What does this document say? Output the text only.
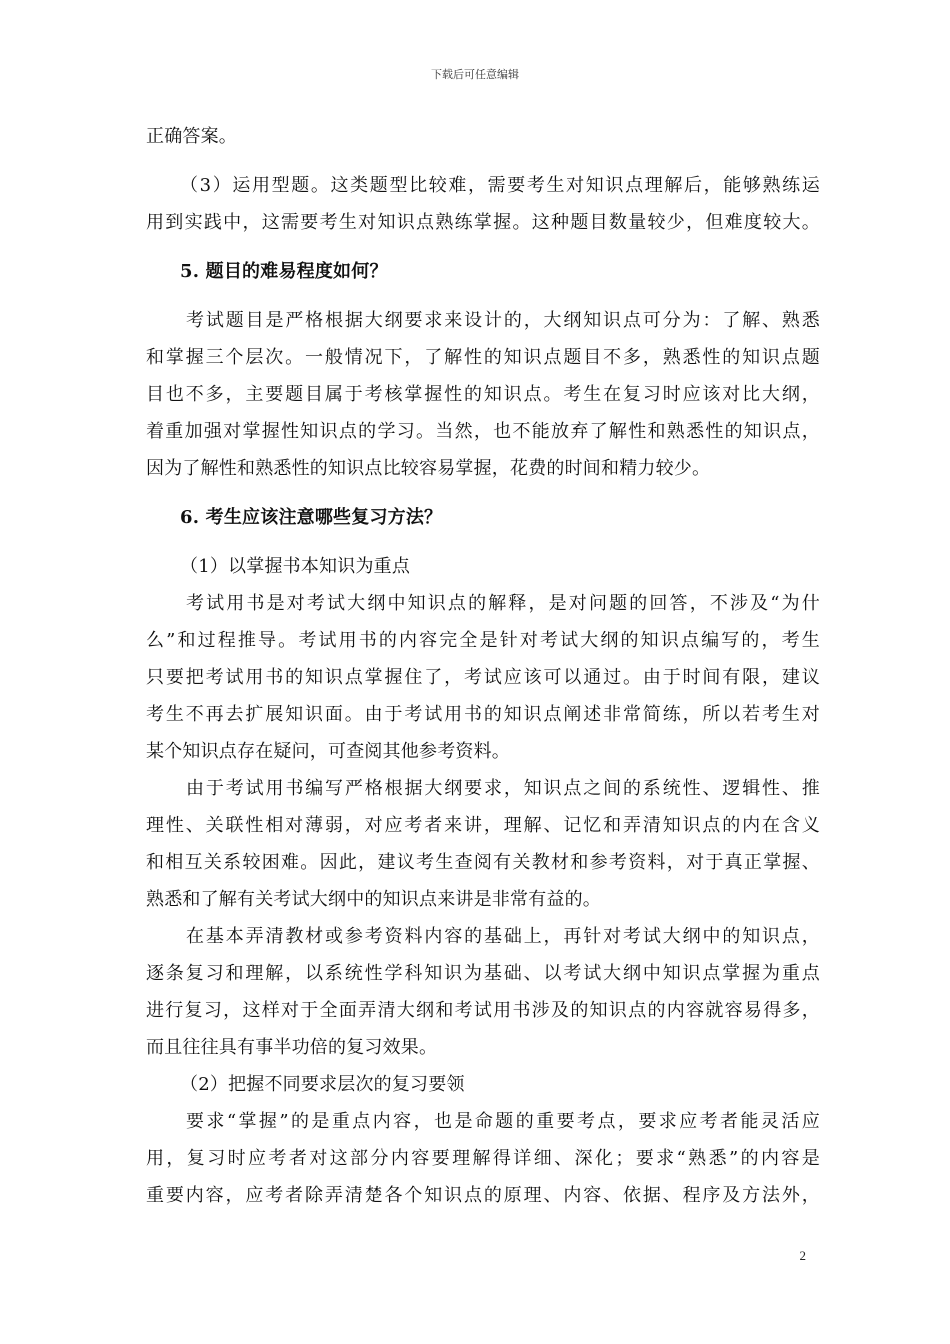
下载后可任意编辑
正确答案。
（3）运用型题。这类题型比较难，需要考生对知识点理解后，能够熟练运
用到实践中，这需要考生对知识点熟练掌握。这种题目数量较少，但难度较大。
5. 题目的难易程度如何？
考试题目是严格根据大纲要求来设计的，大纲知识点可分为：了解、熟悉
和掌握三个层次。一般情况下，了解性的知识点题目不多，熟悉性的知识点题
目也不多，主要题目属于考核掌握性的知识点。考生在复习时应该对比大纲，
着重加强对掌握性知识点的学习。当然，也不能放弃了解性和熟悉性的知识点，
因为了解性和熟悉性的知识点比较容易掌握，花费的时间和精力较少。
6. 考生应该注意哪些复习方法？
（1）以掌握书本知识为重点
考试用书是对考试大纲中知识点的解释，是对问题的回答，不涉及“为什
么”和过程推导。考试用书的内容完全是针对考试大纲的知识点编写的，考生
只要把考试用书的知识点掌握住了，考试应该可以通过。由于时间有限，建议
考生不再去扩展知识面。由于考试用书的知识点阐述非常简练，所以若考生对
某个知识点存在疑问，可查阅其他参考资料。
由于考试用书编写严格根据大纲要求，知识点之间的系统性、逻辑性、推
理性、关联性相对薄弱，对应考者来讲，理解、记忆和弄清知识点的内在含义
和相互关系较困难。因此，建议考生查阅有关教材和参考资料，对于真正掌握、
熟悉和了解有关考试大纲中的知识点来讲是非常有益的。
在基本弄清教材或参考资料内容的基础上，再针对考试大纲中的知识点，
逐条复习和理解，以系统性学科知识为基础、以考试大纲中知识点掌握为重点
进行复习，这样对于全面弄清大纲和考试用书涉及的知识点的内容就容易得多，
而且往往具有事半功倍的复习效果。
（2）把握不同要求层次的复习要领
要求“掌握”的是重点内容，也是命题的重要考点，要求应考者能灵活应
用，复习时应考者对这部分内容要理解得详细、深化；要求“熟悉”的内容是
重要内容，应考者除弄清楚各个知识点的原理、内容、依据、程序及方法外，
2
